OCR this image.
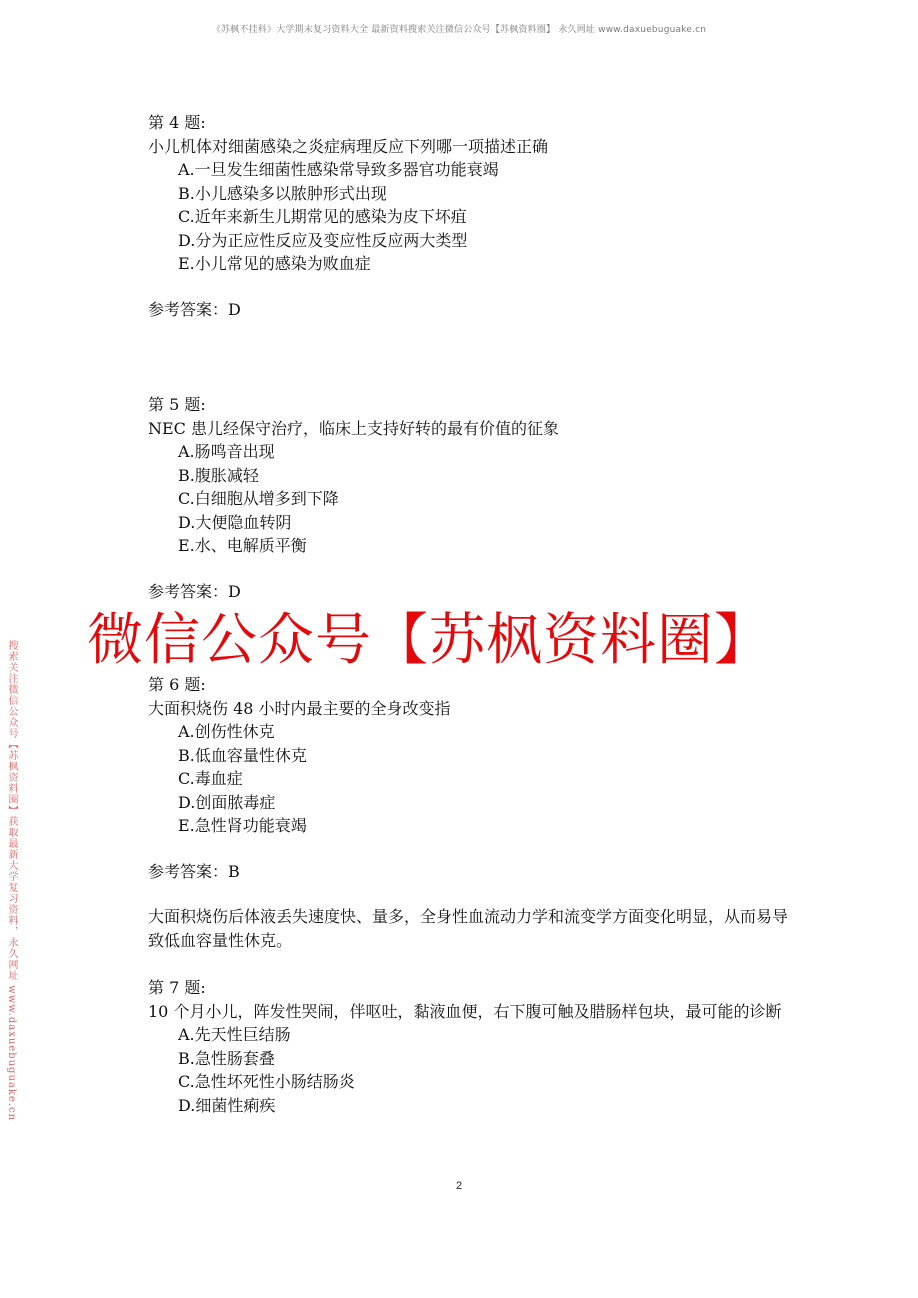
《苏枫不挂科》大学期末复习资料大全 最新资料搜索关注微信公众号【苏枫资料圈】 永久网址 www.daxuebuguake.cn
搜索关注微信公众号【苏枫资料圈】获取最新大学复习资料，永久网址 www.daxuebuguake.cn
第 4 题:
小儿机体对细菌感染之炎症病理反应下列哪一项描述正确
A.一旦发生细菌性感染常导致多器官功能衰竭
B.小儿感染多以脓肿形式出现
C.近年来新生儿期常见的感染为皮下坏疽
D.分为正应性反应及变应性反应两大类型
E.小儿常见的感染为败血症
参考答案：D
第 5 题:
NEC 患儿经保守治疗，临床上支持好转的最有价值的征象
A.肠鸣音出现
B.腹胀减轻
C.白细胞从增多到下降
D.大便隐血转阴
E.水、电解质平衡
参考答案：D
第 6 题:
大面积烧伤 48 小时内最主要的全身改变指
A.创伤性休克
B.低血容量性休克
C.毒血症
D.创面脓毒症
E.急性肾功能衰竭
参考答案：B
大面积烧伤后体液丢失速度快、量多，全身性血流动力学和流变学方面变化明显，从而易导致低血容量性休克。
第 7 题:
10 个月小儿，阵发性哭闹，伴呕吐，黏液血便，右下腹可触及腊肠样包块，最可能的诊断
A.先天性巨结肠
B.急性肠套叠
C.急性坏死性小肠结肠炎
D.细菌性痢疾
微信公众号【苏枫资料圈】
2
